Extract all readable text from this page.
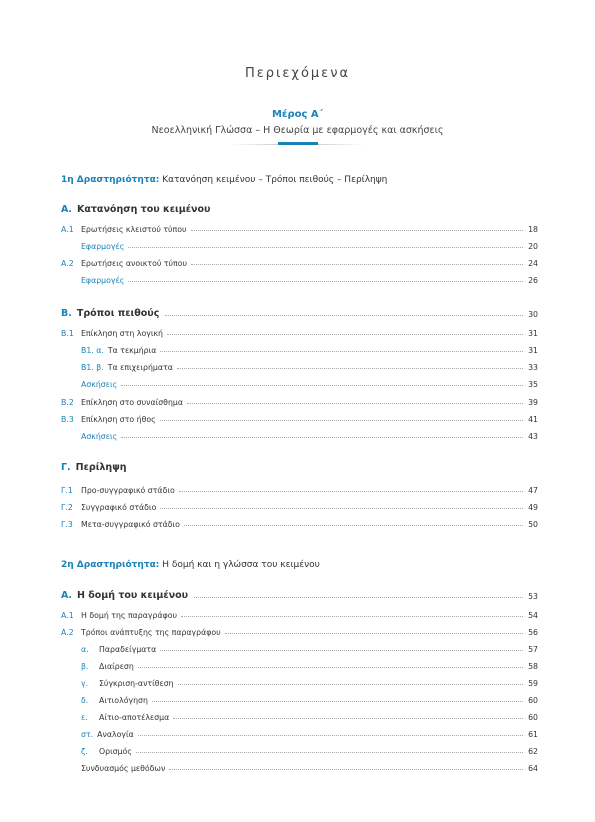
Περιεχόμενα
Μέρος Α΄
Νεοελληνική Γλώσσα – Η Θεωρία με εφαρμογές και ασκήσεις
1η Δραστηριότητα: Κατανόηση κειμένου – Τρόποι πειθούς – Περίληψη
Α. Κατανόηση του κειμένου
Α.1 Ερωτήσεις κλειστού τύπου	18
Εφαρμογές	20
Α.2 Ερωτήσεις ανοικτού τύπου	24
Εφαρμογές	26
Β. Τρόποι πειθούς	30
Β.1 Επίκληση στη λογική	31
Β1. α. Τα τεκμήρια	31
Β1. β. Τα επιχειρήματα	33
Ασκήσεις	35
Β.2 Επίκληση στο συναίσθημα	39
Β.3 Επίκληση στο ήθος	41
Ασκήσεις	43
Γ. Περίληψη
Γ.1	Προ-συγγραφικό στάδιο	47
Γ.2	Συγγραφικό στάδιο	49
Γ.3	Μετα-συγγραφικό στάδιο	50
2η Δραστηριότητα: Η δομή και η γλώσσα του κειμένου
Α. Η δομή του κειμένου	53
Α.1 Η δομή της παραγράφου	54
Α.2 Τρόποι ανάπτυξης της παραγράφου	56
α.	Παραδείγματα	57
β.	Διαίρεση	58
γ.	Σύγκριση-αντίθεση	59
δ.	Αιτιολόγηση	60
ε.	Αίτιο-αποτέλεσμα	60
στ. Αναλογία	61
ζ.	Ορισμός	62
Συνδυασμός μεθόδων	64
